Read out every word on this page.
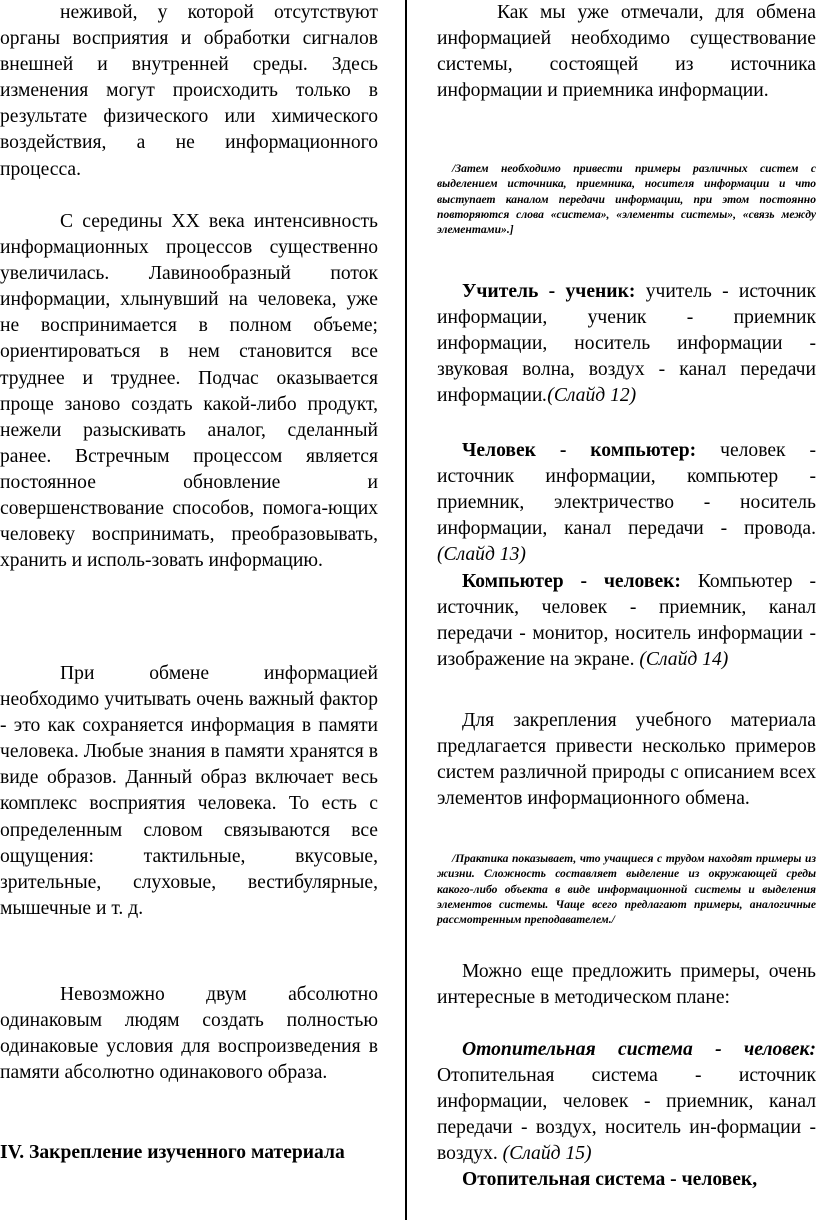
неживой, у которой отсутствуют органы восприятия и обработки сигналов внешней и внутренней среды. Здесь изменения могут происходить только в результате физического или химического воздействия, а не информационного процесса.

С середины XX века интенсивность информационных процессов существенно увеличилась. Лавинообразный поток информации, хлынувший на человека, уже не воспринимается в полном объеме; ориентироваться в нем становится все труднее и труднее. Подчас оказывается проще заново создать какой-либо продукт, нежели разыскивать аналог, сделанный ранее. Встречным процессом является постоянное обновление и совершенствование способов, помога-ющих человеку воспринимать, преобразовывать, хранить и исполь-зовать информацию.

При обмене информацией необходимо учитывать очень важный фактор - это как сохраняется информация в памяти человека. Любые знания в памяти хранятся в виде образов. Данный образ включает весь комплекс восприятия человека. То есть с определенным словом связываются все ощущения: тактильные, вкусовые, зрительные, слуховые, вестибулярные, мышечные и т. д.

Невозможно двум абсолютно одинаковым людям создать полностью одинаковые условия для воспроизведения в памяти абсолютно одинакового образа.

IV. Закрепление изученного материала

Как мы уже отмечали, для обмена информацией необходимо существование системы, состоящей из источника информации и приемника информации.

/Затем необходимо привести примеры различных систем с выделением источника, приемника, носителя информации и что выступает каналом передачи информации, при этом постоянно повторяются слова «система», «элементы системы», «связь между элементами».]

Учитель - ученик: учитель - источник информации, ученик - приемник информации, носитель информации - звуковая волна, воздух - канал передачи информации.(Слайд 12)

Человек - компьютер: человек - источник информации, компьютер - приемник, электричество - носитель информации, канал передачи - провода. (Слайд 13)

Компьютер - человек: Компьютер - источник, человек - приемник, канал передачи - монитор, носитель информации - изображение на экране. (Слайд 14)

Для закрепления учебного материала предлагается привести несколько примеров систем различной природы с описанием всех элементов информационного обмена.

/Практика показывает, что учащиеся с трудом находят примеры из жизни. Сложность составляет выделение из окружающей среды какого-либо объекта в виде информационной системы и выделения элементов системы. Чаще всего предлагают примеры, аналогичные рассмотренным преподавателем./

Можно еще предложить примеры, очень интересные в методическом плане:

Отопительная система - человек: Отопительная система - источник информации, человек - приемник, канал передачи - воздух, носитель ин-формации - воздух. (Слайд 15)

Отопительная система - человек,
